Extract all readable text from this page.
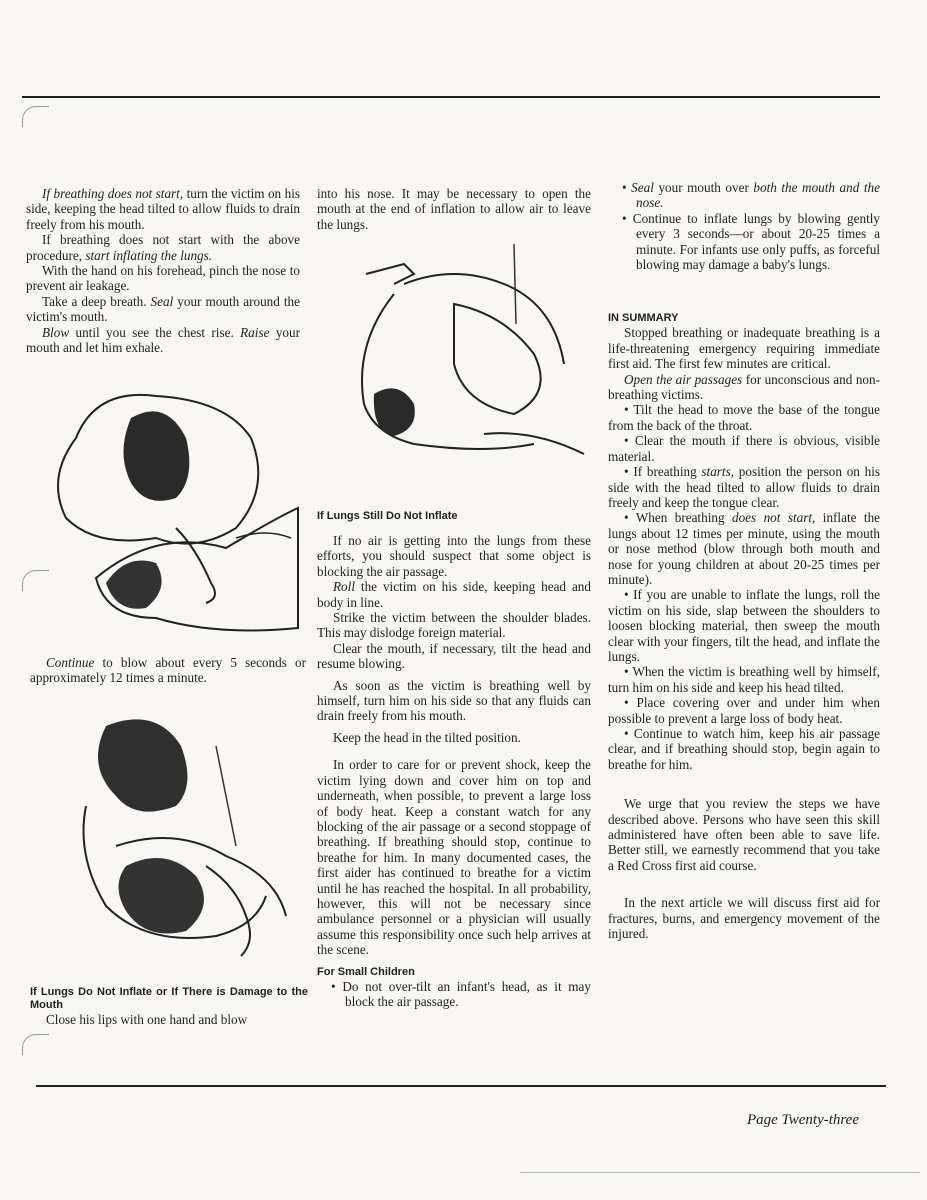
If breathing does not start, turn the victim on his side, keeping the head tilted to allow fluids to drain freely from his mouth.

If breathing does not start with the above procedure, start inflating the lungs.

With the hand on his forehead, pinch the nose to prevent air leakage.

Take a deep breath. Seal your mouth around the victim's mouth.

Blow until you see the chest rise. Raise your mouth and let him exhale.

Continue to blow about every 5 seconds or approximately 12 times a minute.

If Lungs Do Not Inflate or If There is Damage to the Mouth

Close his lips with one hand and blow

into his nose. It may be necessary to open the mouth at the end of inflation to allow air to leave the lungs.

If Lungs Still Do Not Inflate

If no air is getting into the lungs from these efforts, you should suspect that some object is blocking the air passage.

Roll the victim on his side, keeping head and body in line.

Strike the victim between the shoulder blades. This may dislodge foreign material.

Clear the mouth, if necessary, tilt the head and resume blowing.

As soon as the victim is breathing well by himself, turn him on his side so that any fluids can drain freely from his mouth.

Keep the head in the tilted position.

In order to care for or prevent shock, keep the victim lying down and cover him on top and underneath, when possible, to prevent a large loss of body heat. Keep a constant watch for any blocking of the air passage or a second stoppage of breathing. If breathing should stop, continue to breathe for him. In many documented cases, the first aider has continued to breathe for a victim until he has reached the hospital. In all probability, however, this will not be necessary since ambulance personnel or a physician will usually assume this responsibility once such help arrives at the scene.

For Small Children

• Do not over-tilt an infant's head, as it may block the air passage.

• Seal your mouth over both the mouth and the nose.

• Continue to inflate lungs by blowing gently every 3 seconds—or about 20-25 times a minute. For infants use only puffs, as forceful blowing may damage a baby's lungs.

IN SUMMARY

Stopped breathing or inadequate breathing is a life-threatening emergency requiring immediate first aid. The first few minutes are critical.

Open the air passages for unconscious and non-breathing victims.

• Tilt the head to move the base of the tongue from the back of the throat.

• Clear the mouth if there is obvious, visible material.

• If breathing starts, position the person on his side with the head tilted to allow fluids to drain freely and keep the tongue clear.

• When breathing does not start, inflate the lungs about 12 times per minute, using the mouth or nose method (blow through both mouth and nose for young children at about 20-25 times per minute).

• If you are unable to inflate the lungs, roll the victim on his side, slap between the shoulders to loosen blocking material, then sweep the mouth clear with your fingers, tilt the head, and inflate the lungs.

• When the victim is breathing well by himself, turn him on his side and keep his head tilted.

• Place covering over and under him when possible to prevent a large loss of body heat.

• Continue to watch him, keep his air passage clear, and if breathing should stop, begin again to breathe for him.

We urge that you review the steps we have described above. Persons who have seen this skill administered have often been able to save life. Better still, we earnestly recommend that you take a Red Cross first aid course.

In the next article we will discuss first aid for fractures, burns, and emergency movement of the injured.

Page Twenty-three
